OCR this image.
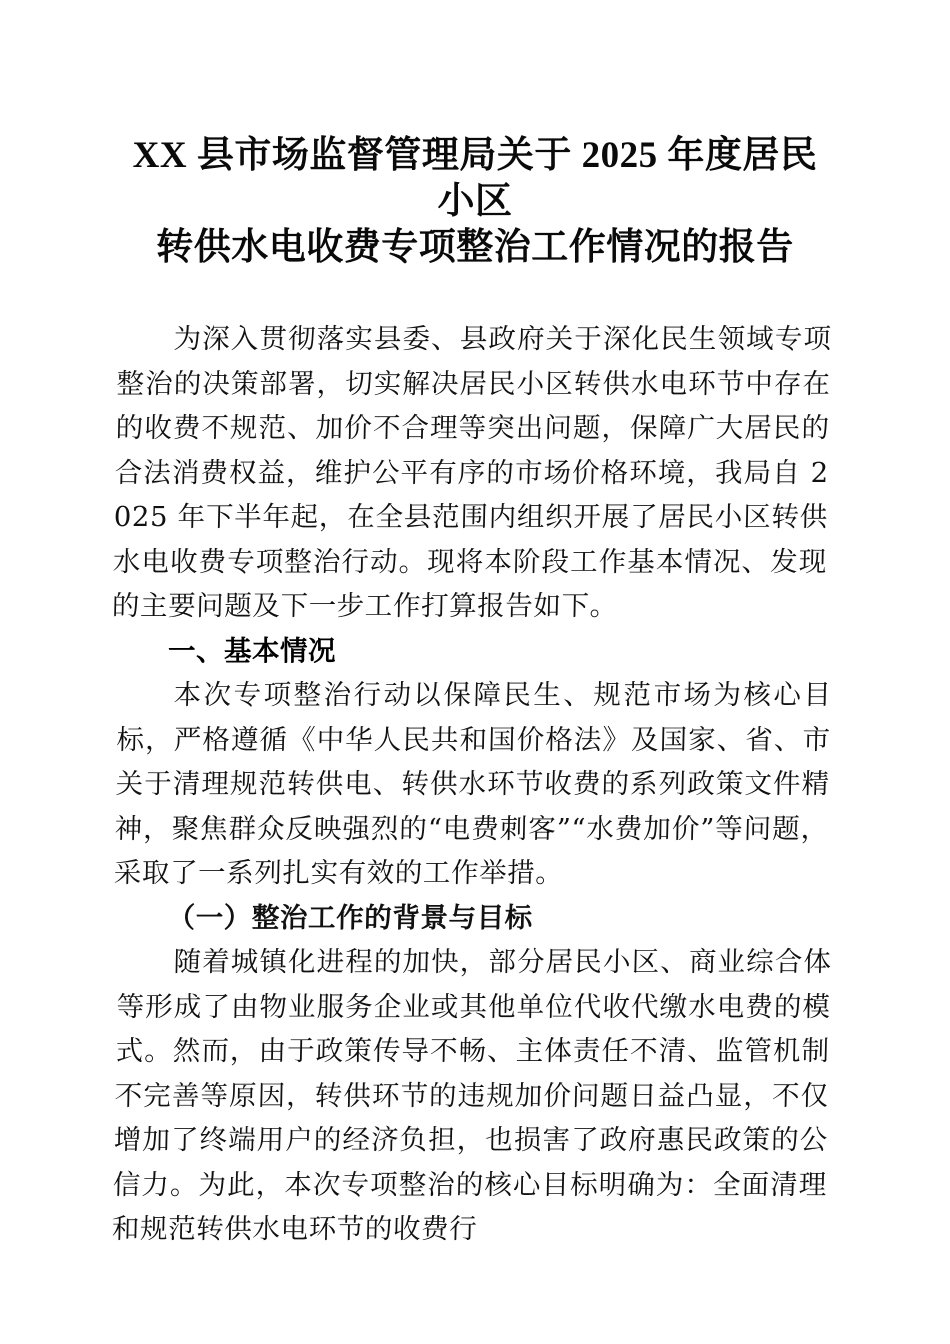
XX 县市场监督管理局关于 2025 年度居民小区
转供水电收费专项整治工作情况的报告

为深入贯彻落实县委、县政府关于深化民生领域专项整治的决策部署，切实解决居民小区转供水电环节中存在的收费不规范、加价不合理等突出问题，保障广大居民的合法消费权益，维护公平有序的市场价格环境，我局自 2025 年下半年起，在全县范围内组织开展了居民小区转供水电收费专项整治行动。现将本阶段工作基本情况、发现的主要问题及下一步工作打算报告如下。

一、基本情况

本次专项整治行动以保障民生、规范市场为核心目标，严格遵循《中华人民共和国价格法》及国家、省、市关于清理规范转供电、转供水环节收费的系列政策文件精神，聚焦群众反映强烈的“电费刺客”“水费加价”等问题，采取了一系列扎实有效的工作举措。

（一）整治工作的背景与目标

随着城镇化进程的加快，部分居民小区、商业综合体等形成了由物业服务企业或其他单位代收代缴水电费的模式。然而，由于政策传导不畅、主体责任不清、监管机制不完善等原因，转供环节的违规加价问题日益凸显，不仅增加了终端用户的经济负担，也损害了政府惠民政策的公信力。为此，本次专项整治的核心目标明确为：全面清理和规范转供水电环节的收费行
